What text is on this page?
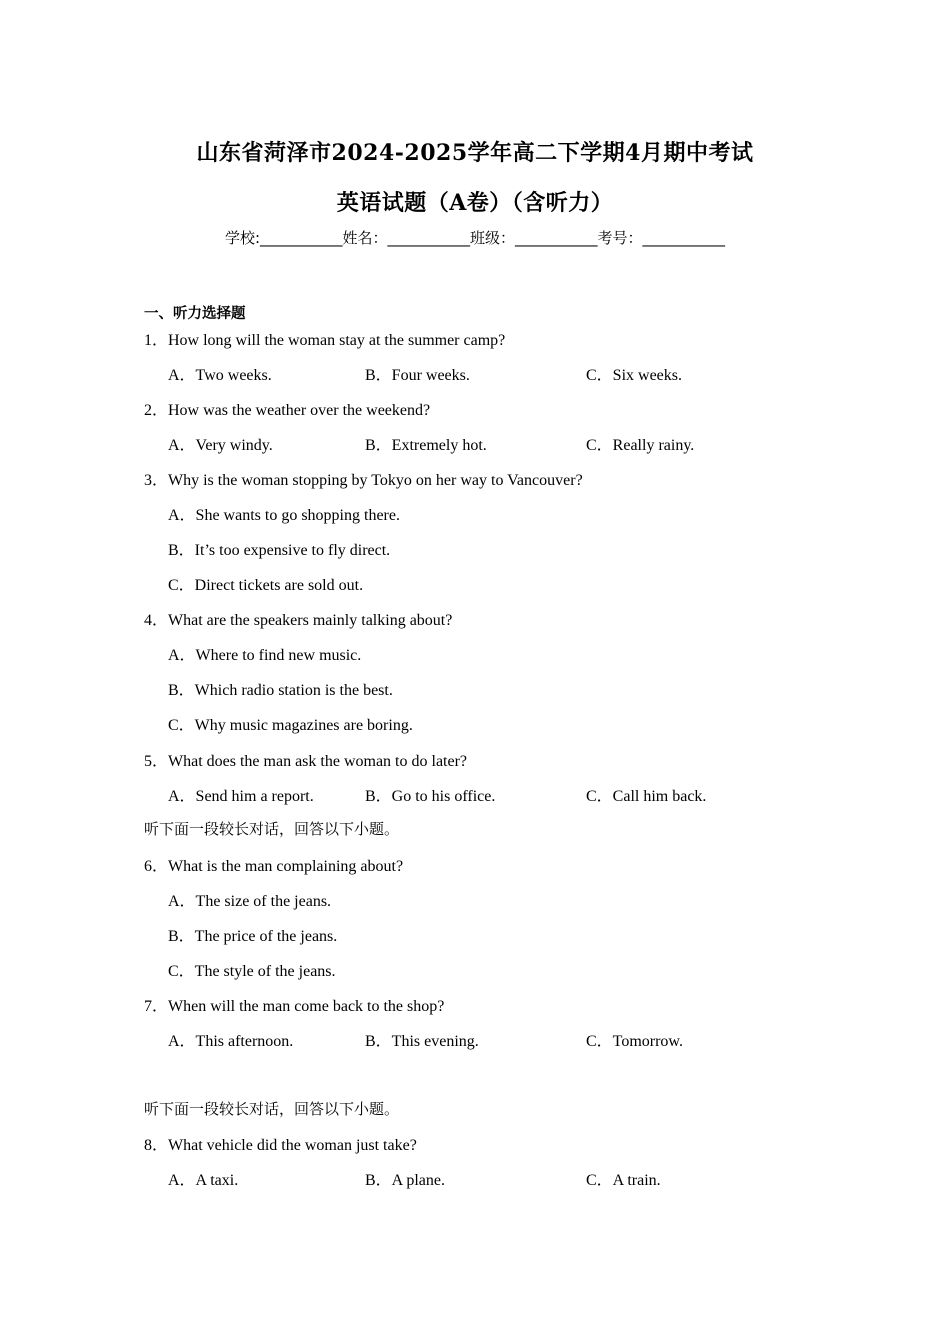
山东省菏泽市2024-2025学年高二下学期4月期中考试
英语试题（A卷）（含听力）
学校:___________姓名：___________班级：___________考号：___________
一、听力选择题
1．How long will the woman stay at the summer camp?
A．Two weeks.	B．Four weeks.	C．Six weeks.
2．How was the weather over the weekend?
A．Very windy.	B．Extremely hot.	C．Really rainy.
3．Why is the woman stopping by Tokyo on her way to Vancouver?
A．She wants to go shopping there.
B．It’s too expensive to fly direct.
C．Direct tickets are sold out.
4．What are the speakers mainly talking about?
A．Where to find new music.
B．Which radio station is the best.
C．Why music magazines are boring.
5．What does the man ask the woman to do later?
A．Send him a report.	B．Go to his office.	C．Call him back.
听下面一段较长对话，回答以下小题。
6．What is the man complaining about?
A．The size of the jeans.
B．The price of the jeans.
C．The style of the jeans.
7．When will the man come back to the shop?
A．This afternoon.	B．This evening.	C．Tomorrow.
听下面一段较长对话，回答以下小题。
8．What vehicle did the woman just take?
A．A taxi.	B．A plane.	C．A train.
